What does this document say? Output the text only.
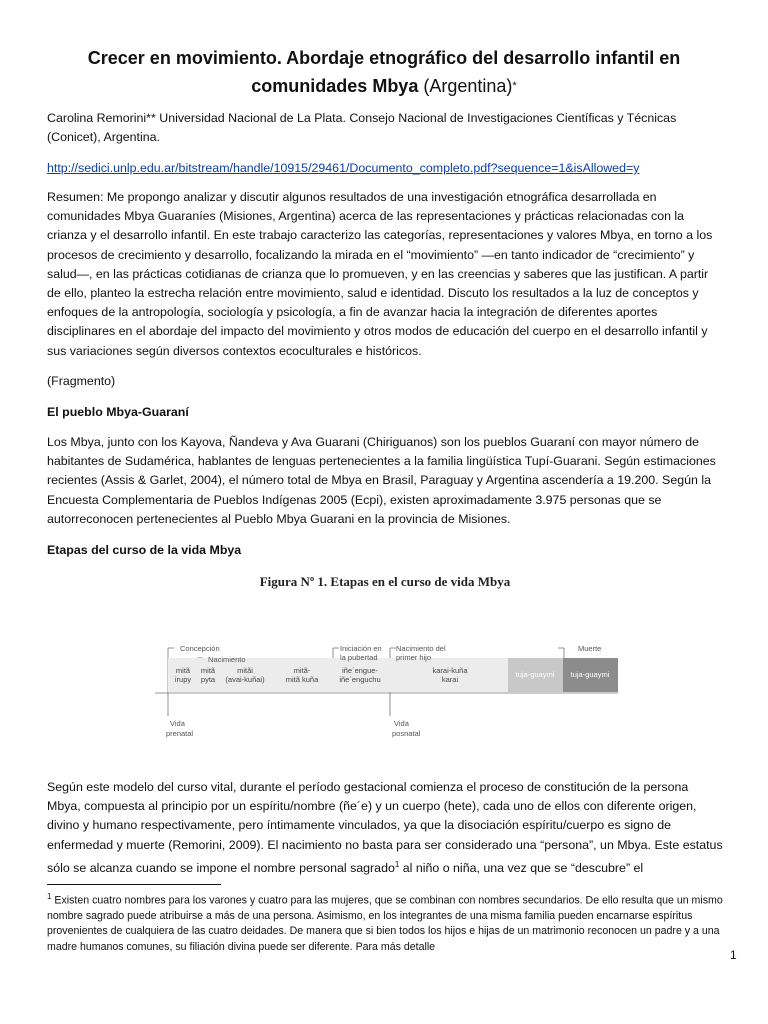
Crecer en movimiento. Abordaje etnográfico del desarrollo infantil en comunidades Mbya (Argentina)*
Carolina Remorini** Universidad Nacional de La Plata. Consejo Nacional de Investigaciones Científicas y Técnicas (Conicet), Argentina.
http://sedici.unlp.edu.ar/bitstream/handle/10915/29461/Documento_completo.pdf?sequence=1&isAllowed=y
Resumen: Me propongo analizar y discutir algunos resultados de una investigación etnográfica desarrollada en comunidades Mbya Guaraníes (Misiones, Argentina) acerca de las representaciones y prácticas relacionadas con la crianza y el desarrollo infantil. En este trabajo caracterizo las categorías, representaciones y valores Mbya, en torno a los procesos de crecimiento y desarrollo, focalizando la mirada en el “movimiento” —en tanto indicador de “crecimiento” y salud—, en las prácticas cotidianas de crianza que lo promueven, y en las creencias y saberes que las justifican. A partir de ello, planteo la estrecha relación entre movimiento, salud e identidad. Discuto los resultados a la luz de conceptos y enfoques de la antropología, sociología y psicología, a fin de avanzar hacia la integración de diferentes aportes disciplinares en el abordaje del impacto del movimiento y otros modos de educación del cuerpo en el desarrollo infantil y sus variaciones según diversos contextos ecoculturales e históricos.
(Fragmento)
El pueblo Mbya-Guaraní
Los Mbya, junto con los Kayova, Ñandeva y Ava Guarani (Chiriguanos) son los pueblos Guaraní con mayor número de habitantes de Sudamérica, hablantes de lenguas pertenecientes a la familia lingüística Tupí-Guarani. Según estimaciones recientes (Assis & Garlet, 2004), el número total de Mbya en Brasil, Paraguay y Argentina ascendería a 19.200. Según la Encuesta Complementaria de Pueblos Indígenas 2005 (Ecpi), existen aproximadamente 3.975 personas que se autorreconocen pertenecientes al Pueblo Mbya Guarani en la provincia de Misiones.
Etapas del curso de la vida Mbya
Figura Nº 1. Etapas en el curso de vida Mbya
Concepción
Nacimiento
Iniciación en
la pubertad
Nacimiento del
primer hijo
Muerte
mitã
irupy
mitã
pyta
mitãi
(avai-kuñai)
mitã-
mitã kuña
iñe´engue-
iñe´enguchu
karai-kuña
karai
tuja-guaymi tuja-guaymi
Vida
prenatal
Vida
posnatal
Según este modelo del curso vital, durante el período gestacional comienza el proceso de constitución de la persona Mbya, compuesta al principio por un espíritu/nombre (ñe´e) y un cuerpo (hete), cada uno de ellos con diferente origen, divino y humano respectivamente, pero íntimamente vinculados, ya que la disociación espíritu/cuerpo es signo de enfermedad y muerte (Remorini, 2009). El nacimiento no basta para ser considerado una “persona”, un Mbya. Este estatus sólo se alcanza cuando se impone el nombre personal sagrado$^1$ al niño o niña, una vez que se “descubre” el
$^1$ Existen cuatro nombres para los varones y cuatro para las mujeres, que se combinan con nombres secundarios. De ello resulta que un mismo nombre sagrado puede atribuirse a más de una persona. Asimismo, en los integrantes de una misma familia pueden encarnarse espíritus provenientes de cualquiera de las cuatro deidades. De manera que si bien todos los hijos e hijas de un matrimonio reconocen un padre y a una madre humanos comunes, su filiación divina puede ser diferente. Para más detalle
1
